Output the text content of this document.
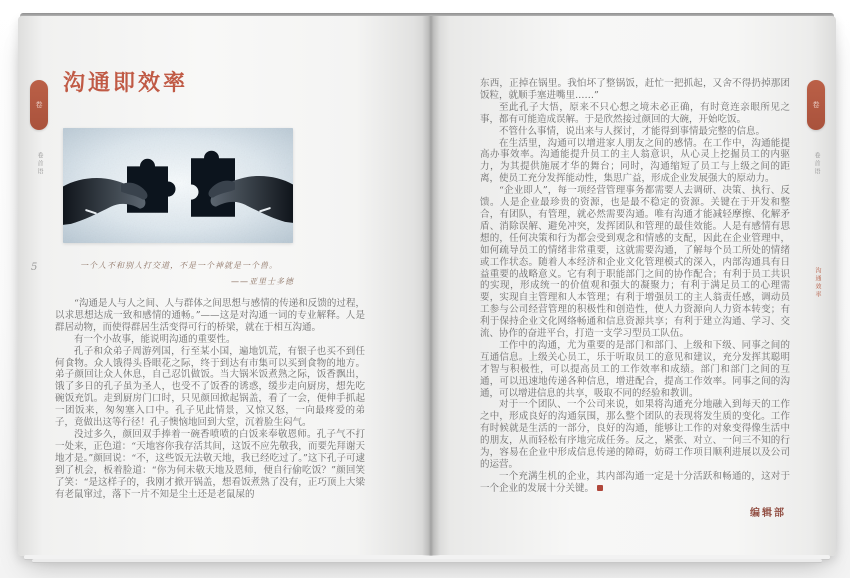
卷
卷首语
5
沟通即效率
一个人不和别人打交道，不是一个神就是一个兽。
——亚里士多德

“沟通是人与人之间、人与群体之间思想与感情的传递和反馈的过程，以求思想达成一致和感情的通畅。”——这是对沟通一词的专业解释。人是群居动物，而使得群居生活变得可行的桥梁，就在于相互沟通。

有一个小故事，能说明沟通的重要性。

孔子和众弟子周游列国，行至某小国，遍地饥荒，有银子也买不到任何食物。众人饿得头昏眼花之际，终于到达有市集可以买到食物的地方。弟子颜回让众人休息，自己忍饥做饭。当大锅米饭煮熟之际，饭香飘出，饿了多日的孔子虽为圣人，也受不了饭香的诱惑，缓步走向厨房，想先吃碗饭充饥。走到厨房门口时，只见颜回掀起锅盖，看了一会，便伸手抓起一团饭来，匆匆塞入口中。孔子见此情景，又惊又怒，一向最疼爱的弟子，竟做出这等行径！孔子懊恼地回到大堂，沉着脸生闷气。

没过多久，颜回双手捧着一碗香喷喷的白饭来奉敬恩师。孔子气不打一处来，正色道：“天地容你我存活其间，这饭不应先敬我，而要先拜谢天地才是。”颜回说：“不，这些饭无法敬天地，我已经吃过了。”这下孔子可逮到了机会，板着脸道：“你为何未敬天地及恩师，便自行偷吃饭？”颜回笑了笑：“是这样子的，我刚才掀开锅盖，想看饭煮熟了没有，正巧顶上大梁有老鼠窜过，落下一片不知是尘土还是老鼠屎的

东西，正掉在锅里。我怕坏了整锅饭，赶忙一把抓起，又舍不得扔掉那团饭粒，就顺手塞进嘴里……”

至此孔子大悟，原来不只心想之境未必正确，有时竟连亲眼所见之事，都有可能造成误解。于是欣然接过颜回的大碗，开始吃饭。

不管什么事情，说出来与人探讨，才能得到事情最完整的信息。

在生活里，沟通可以增进家人朋友之间的感情。在工作中，沟通能提高办事效率。沟通能提升员工的主人翁意识，从心灵上挖掘员工的内驱力，为其提供施展才华的舞台；同时，沟通缩短了员工与上级之间的距离，使员工充分发挥能动性，集思广益，形成企业发展强大的原动力。

“企业即人”，每一项经营管理事务都需要人去调研、决策、执行、反馈。人是企业最珍贵的资源，也是最不稳定的资源。关键在于开发和整合，有团队，有管理，就必然需要沟通。唯有沟通才能减轻摩擦、化解矛盾、消除误解、避免冲突，发挥团队和管理的最佳效能。人是有感情有思想的，任何决策和行为都会受到观念和情感的支配，因此在企业管理中，如何疏导员工的情绪非常重要，这就需要沟通，了解每个员工所处的情绪或工作状态。随着人本经济和企业文化管理模式的深入，内部沟通具有日益重要的战略意义。它有利于职能部门之间的协作配合；有利于员工共识的实现，形成统一的价值观和强大的凝聚力；有利于满足员工的心理需要，实现自主管理和人本管理；有利于增强员工的主人翁责任感，调动员工参与公司经营管理的积极性和创造性，使人力资源向人力资本转变；有利于保持企业文化网络畅通和信息资源共享；有利于建立沟通、学习、交流、协作的奋进平台，打造一支学习型员工队伍。

工作中的沟通，尤为重要的是部门和部门、上级和下级、同事之间的互通信息。上级关心员工，乐于听取员工的意见和建议，充分发挥其聪明才智与积极性，可以提高员工的工作效率和成绩。部门和部门之间的互通，可以迅速地传递各种信息，增进配合，提高工作效率。同事之间的沟通，可以增进信息的共享，吸取不同的经验和教训。

对于一个团队、一个公司来说，如果将沟通充分地融入到每天的工作之中，形成良好的沟通氛围，那么整个团队的表现将发生质的变化。工作有时候就是生活的一部分，良好的沟通，能够让工作的对象变得像生活中的朋友，从而轻松有序地完成任务。反之，紧张、对立、一问三不知的行为，容易在企业中形成信息传递的障碍，妨碍工作项目顺利进展以及公司的运营。

一个充满生机的企业，其内部沟通一定是十分活跃和畅通的，这对于一个企业的发展十分关键。

编辑部
卷
卷首语
沟通效率
